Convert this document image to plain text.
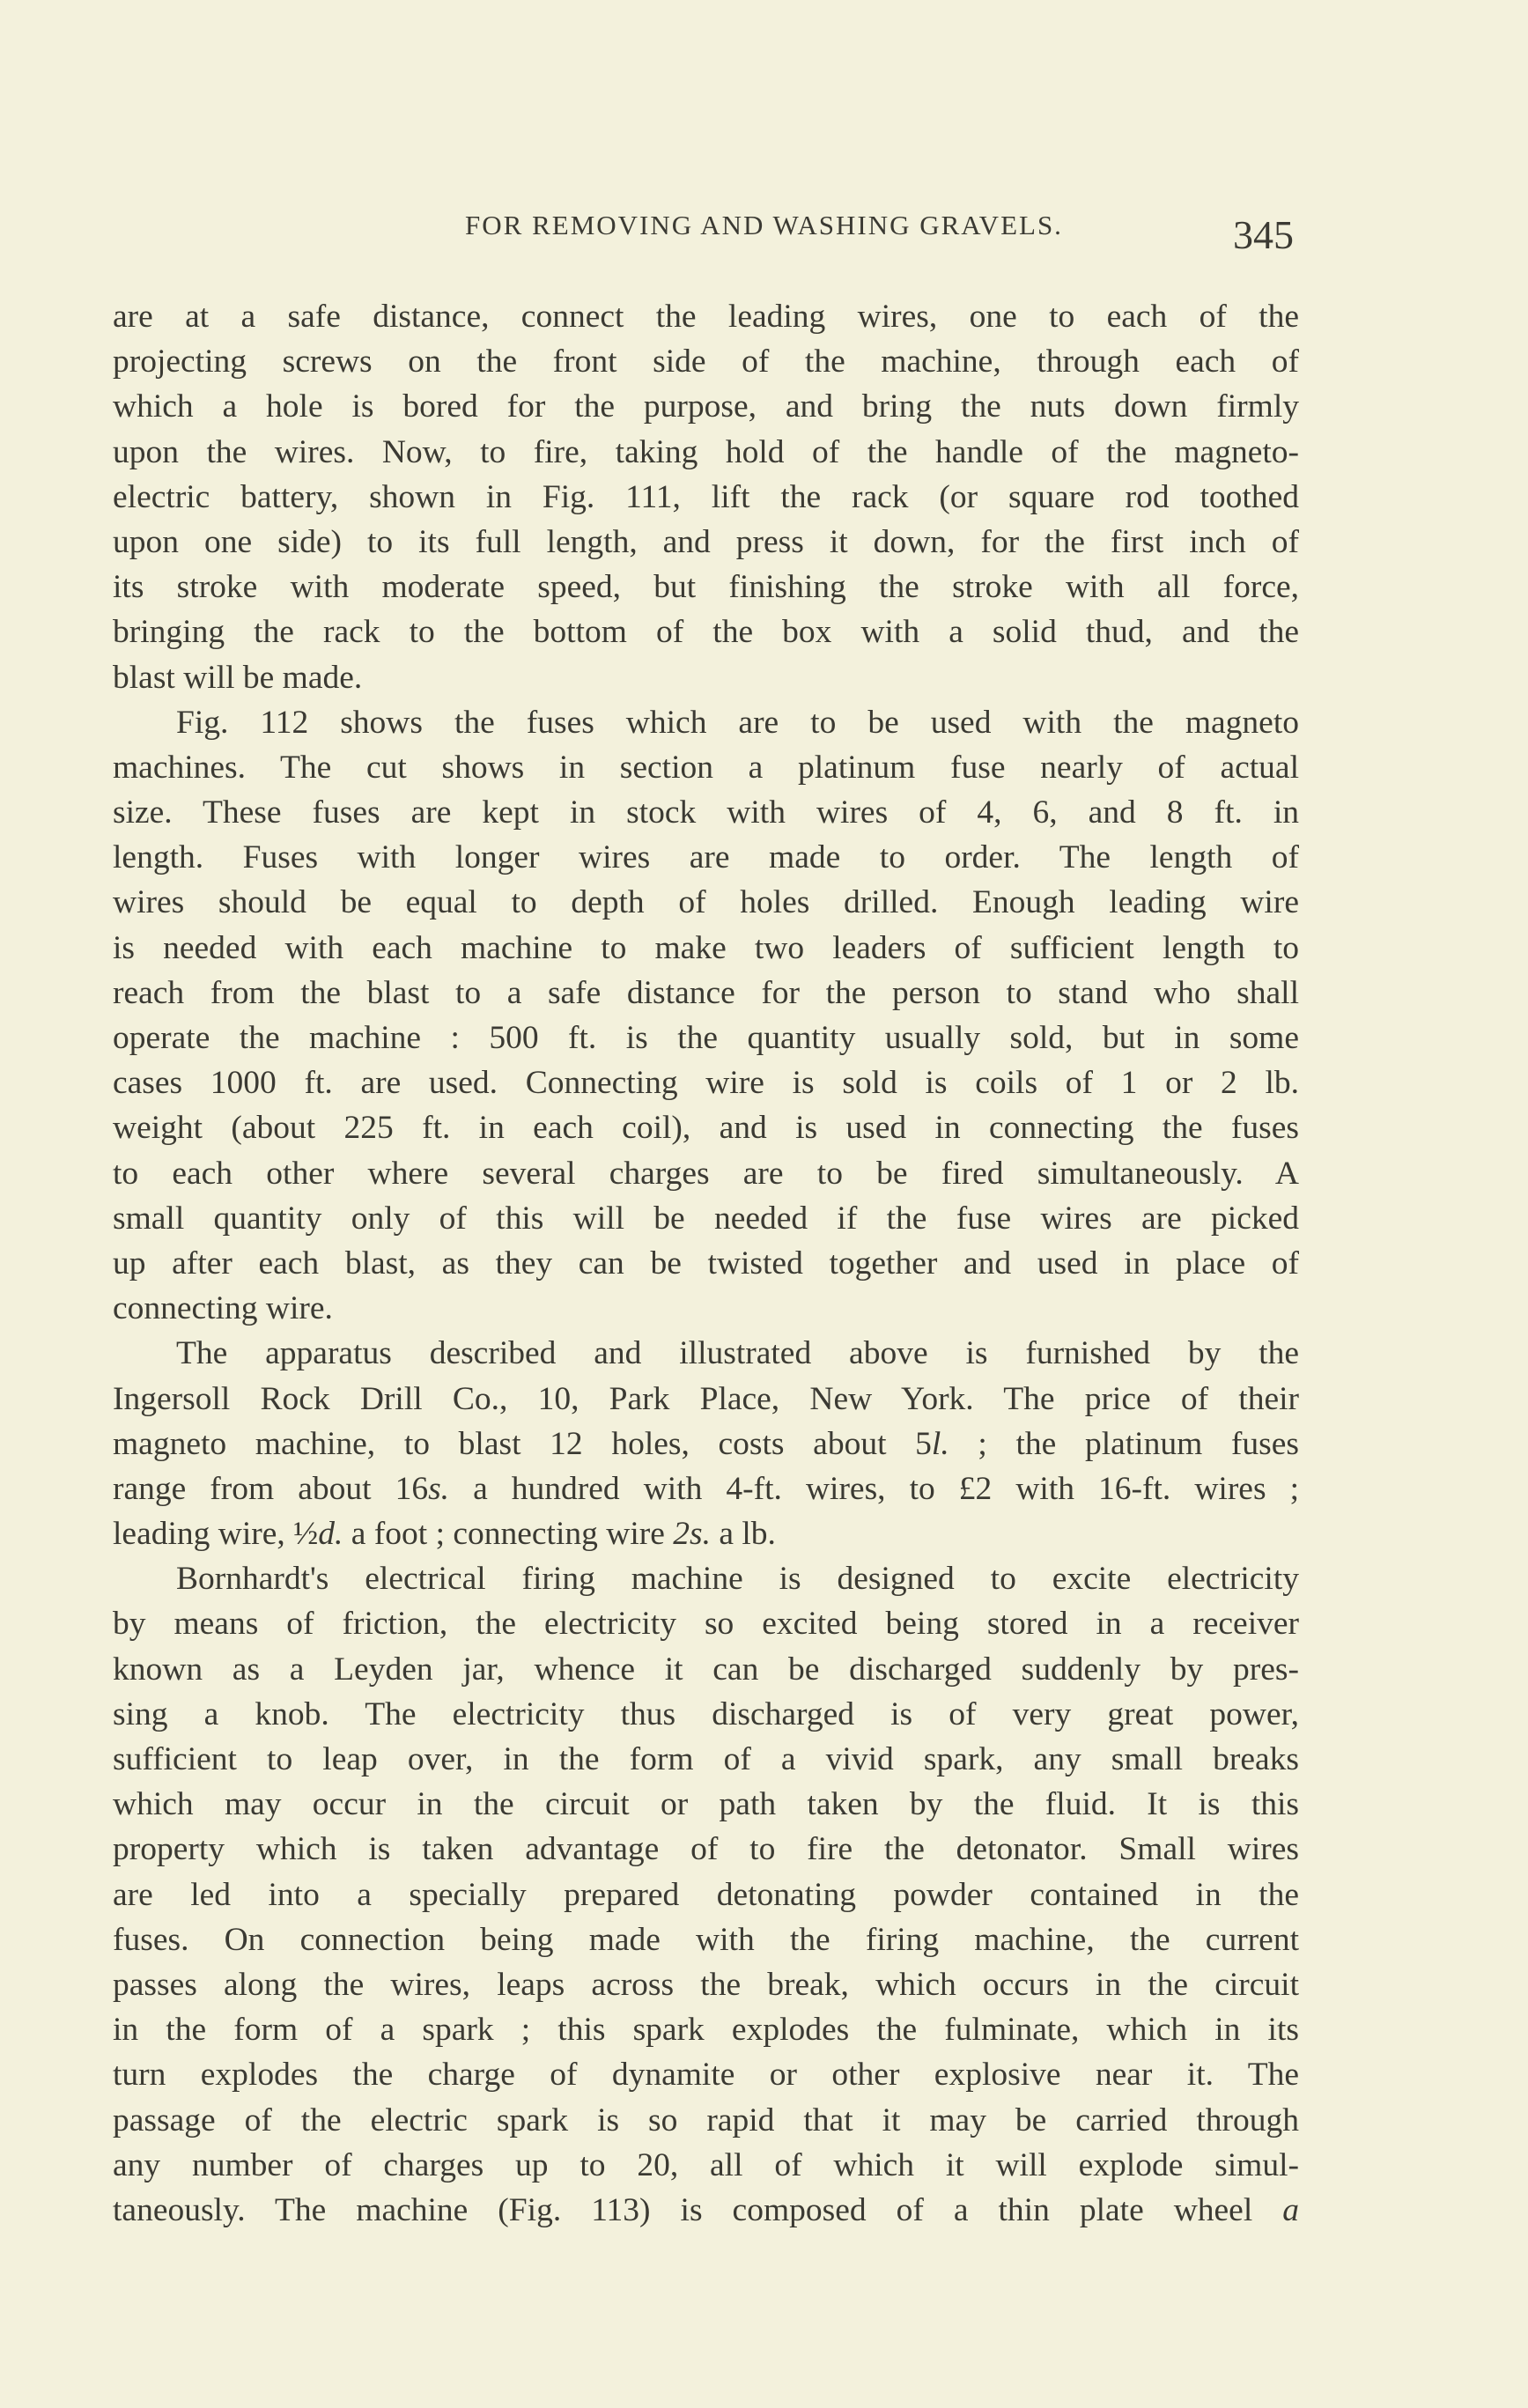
FOR REMOVING AND WASHING GRAVELS.	345
are at a safe distance, connect the leading wires, one to each of the
projecting screws on the front side of the machine, through each of
which a hole is bored for the purpose, and bring the nuts down firmly
upon the wires. Now, to fire, taking hold of the handle of the magneto-
electric battery, shown in Fig. 111, lift the rack (or square rod toothed
upon one side) to its full length, and press it down, for the first inch of
its stroke with moderate speed, but finishing the stroke with all force,
bringing the rack to the bottom of the box with a solid thud, and the
blast will be made.
Fig. 112 shows the fuses which are to be used with the magneto
machines. The cut shows in section a platinum fuse nearly of actual
size. These fuses are kept in stock with wires of 4, 6, and 8 ft. in
length. Fuses with longer wires are made to order. The length of
wires should be equal to depth of holes drilled. Enough leading wire
is needed with each machine to make two leaders of sufficient length to
reach from the blast to a safe distance for the person to stand who shall
operate the machine : 500 ft. is the quantity usually sold, but in some
cases 1000 ft. are used. Connecting wire is sold is coils of 1 or 2 lb.
weight (about 225 ft. in each coil), and is used in connecting the fuses
to each other where several charges are to be fired simultaneously. A
small quantity only of this will be needed if the fuse wires are picked
up after each blast, as they can be twisted together and used in place of
connecting wire.
The apparatus described and illustrated above is furnished by the
Ingersoll Rock Drill Co., 10, Park Place, New York. The price of their
magneto machine, to blast 12 holes, costs about 5l. ; the platinum fuses
range from about 16s. a hundred with 4-ft. wires, to £2 with 16-ft. wires ;
leading wire, ½d. a foot ; connecting wire 2s. a lb.
Bornhardt's electrical firing machine is designed to excite electricity
by means of friction, the electricity so excited being stored in a receiver
known as a Leyden jar, whence it can be discharged suddenly by pres-
sing a knob. The electricity thus discharged is of very great power,
sufficient to leap over, in the form of a vivid spark, any small breaks
which may occur in the circuit or path taken by the fluid. It is this
property which is taken advantage of to fire the detonator. Small wires
are led into a specially prepared detonating powder contained in the
fuses. On connection being made with the firing machine, the current
passes along the wires, leaps across the break, which occurs in the circuit
in the form of a spark ; this spark explodes the fulminate, which in its
turn explodes the charge of dynamite or other explosive near it. The
passage of the electric spark is so rapid that it may be carried through
any number of charges up to 20, all of which it will explode simul-
taneously. The machine (Fig. 113) is composed of a thin plate wheel a
